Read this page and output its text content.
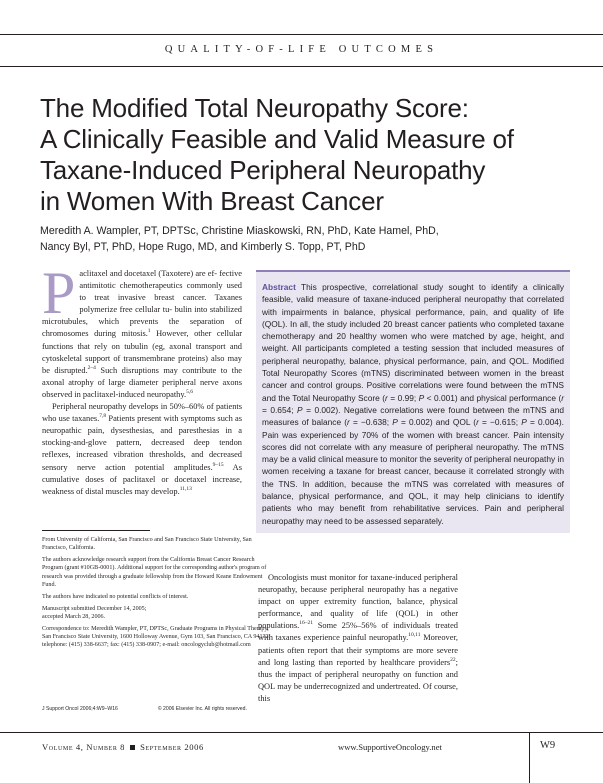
QUALITY-OF-LIFE OUTCOMES
The Modified Total Neuropathy Score:
A Clinically Feasible and Valid Measure of
Taxane-Induced Peripheral Neuropathy
in Women With Breast Cancer
Meredith A. Wampler, PT, DPTSc, Christine Miaskowski, RN, PhD, Kate Hamel, PhD,
Nancy Byl, PT, PhD, Hope Rugo, MD, and Kimberly S. Topp, PT, PhD

Paclitaxel and docetaxel (Taxotere) are ef- fective antimitotic chemotherapeutics commonly used to treat invasive breast cancer. Taxanes polymerize free cellular tu- bulin into stabilized microtubules, which prevents the separation of chromosomes during mitosis.$^1$ However, other cellular functions that rely on tubulin (eg, axonal transport and cytoskeletal support of transmembrane proteins) also may be disrupted.$^{2-4}$ Such disruptions may contribute to the axonal atrophy of large diameter peripheral nerve axons observed in paclitaxel-induced neuropathy.$^{5,6}$

Peripheral neuropathy develops in 50%–60% of patients who use taxanes.$^{7,8}$ Patients present with symptoms such as neuropathic pain, dysesthesias, and paresthesias in a stocking-and-glove pattern, decreased deep tendon reflexes, increased vibration thresholds, and decreased sensory nerve action potential amplitudes.$^{9-15}$ As cumulative doses of paclitaxel or docetaxel increase, weakness of distal muscles may develop.$^{11,13}$

From University of California, San Francisco and San Francisco State University, San Francisco, California.

The authors acknowledge research support from the California Breast Cancer Research Program (grant #10GB-0001). Additional support for the corresponding author's program of research was provided through a graduate fellowship from the Howard Keane Endowment Fund.

The authors have indicated no potential conflicts of interest.

Manuscript submitted December 14, 2005;
accepted March 28, 2006.

Correspondence to: Meredith Wampler, PT, DPTSc, Graduate Programs in Physical Therapy, San Francisco State University, 1600 Holloway Avenue, Gym 103, San Francisco, CA 94132; telephone: (415) 338-6637; fax: (415) 338-0907; e-mail: oncologyclub@hotmail.com

J Support Oncol 2006;4:W9–W16	© 2006 Elsevier Inc. All rights reserved.
Abstract This prospective, correlational study sought to identify a clinically feasible, valid measure of taxane-induced peripheral neuropathy that correlated with impairments in balance, physical performance, pain, and quality of life (QOL). In all, the study included 20 breast cancer patients who completed taxane chemotherapy and 20 healthy women who were matched by age, height, and weight. All participants completed a testing session that included measures of peripheral neuropathy, balance, physical performance, pain, and QOL. Modified Total Neuropathy Scores (mTNS) discriminated between women in the breast cancer and control groups. Positive correlations were found between the mTNS and the Total Neuropathy Score (r = 0.99; P < 0.001) and physical performance (r = 0.654; P = 0.002). Negative correlations were found between the mTNS and measures of balance (r = −0.638; P = 0.002) and QOL (r = −0.615; P = 0.004). Pain was experienced by 70% of the women with breast cancer. Pain intensity scores did not correlate with any measure of peripheral neuropathy. The mTNS may be a valid clinical measure to monitor the severity of peripheral neuropathy in women receiving a taxane for breast cancer, because it correlated strongly with the TNS. In addition, because the mTNS was correlated with measures of balance, physical performance, and QOL, it may help clinicians to identify patients who may benefit from rehabilitative services. Pain and peripheral neuropathy may need to be assessed separately.

Oncologists must monitor for taxane-induced peripheral neuropathy, because peripheral neuropathy has a negative impact on upper extremity function, balance, physical performance, and quality of life (QOL) in other populations.$^{16-21}$ Some 25%–56% of individuals treated with taxanes experience painful neuropathy.$^{10,11}$ Moreover, patients often report that their symptoms are more severe and long lasting than reported by healthcare providers$^{22}$; thus the impact of peripheral neuropathy on function and QOL may be underrecognized and undertreated. Of course, this

Volume 4, Number 8 September 2006	www.SupportiveOncology.net	W9
